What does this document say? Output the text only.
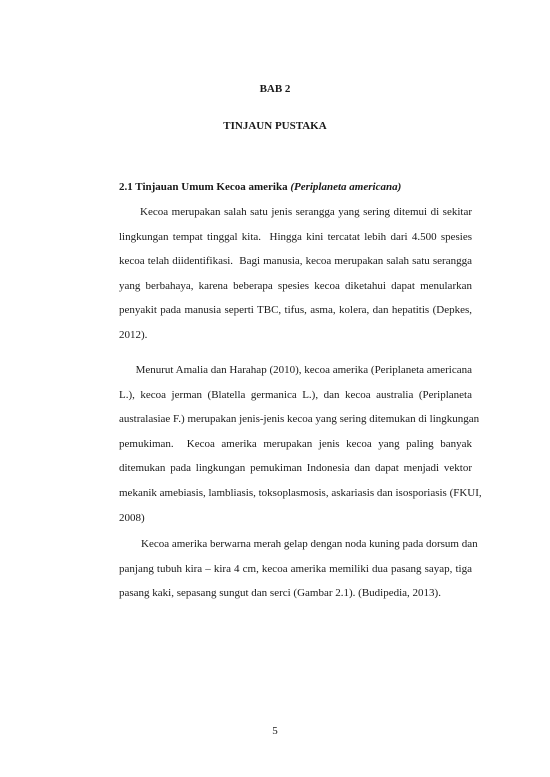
BAB 2
TINJAUN PUSTAKA
2.1 Tinjauan Umum Kecoa amerika (Periplaneta americana)
Kecoa merupakan salah satu jenis serangga yang sering ditemui di sekitar
lingkungan tempat tinggal kita.  Hingga kini tercatat lebih dari 4.500 spesies
kecoa telah diidentifikasi.  Bagi manusia, kecoa merupakan salah satu serangga
yang berbahaya, karena beberapa spesies kecoa diketahui dapat menularkan
penyakit pada manusia seperti TBC, tifus, asma, kolera, dan hepatitis (Depkes,
2012).
Menurut Amalia dan Harahap (2010), kecoa amerika (Periplaneta americana
L.), kecoa jerman (Blatella germanica L.), dan kecoa australia (Periplaneta
australasiae F.) merupakan jenis-jenis kecoa yang sering ditemukan di lingkungan
pemukiman.  Kecoa amerika merupakan jenis kecoa yang paling banyak
ditemukan pada lingkungan pemukiman Indonesia dan dapat menjadi vektor
mekanik amebiasis, lambliasis, toksoplasmosis, askariasis dan isosporiasis (FKUI,
2008)
Kecoa amerika berwarna merah gelap dengan noda kuning pada dorsum dan
panjang tubuh kira – kira 4 cm, kecoa amerika memiliki dua pasang sayap, tiga
pasang kaki, sepasang sungut dan serci (Gambar 2.1). (Budipedia, 2013).
5
